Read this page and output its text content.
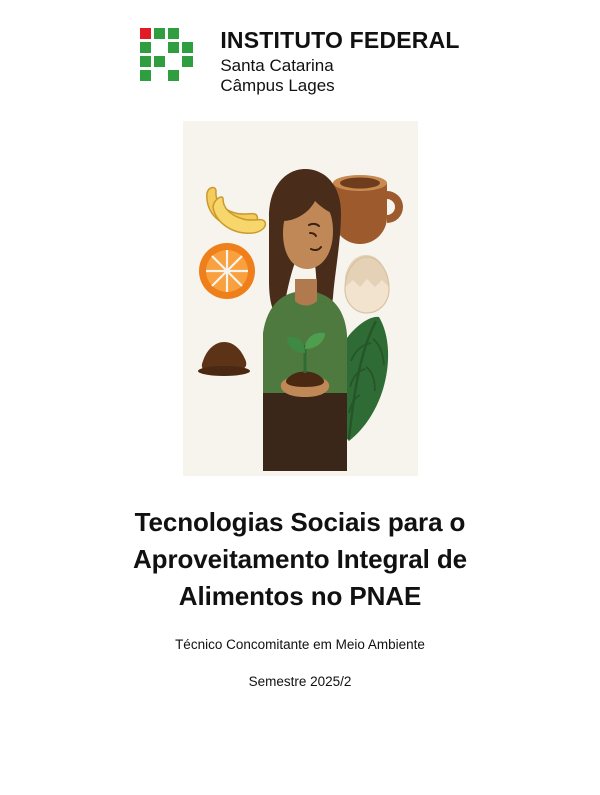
INSTITUTO FEDERAL
Santa Catarina
Câmpus Lages
Tecnologias Sociais para o Aproveitamento Integral de Alimentos no PNAE

Técnico Concomitante em Meio Ambiente

Semestre 2025/2
